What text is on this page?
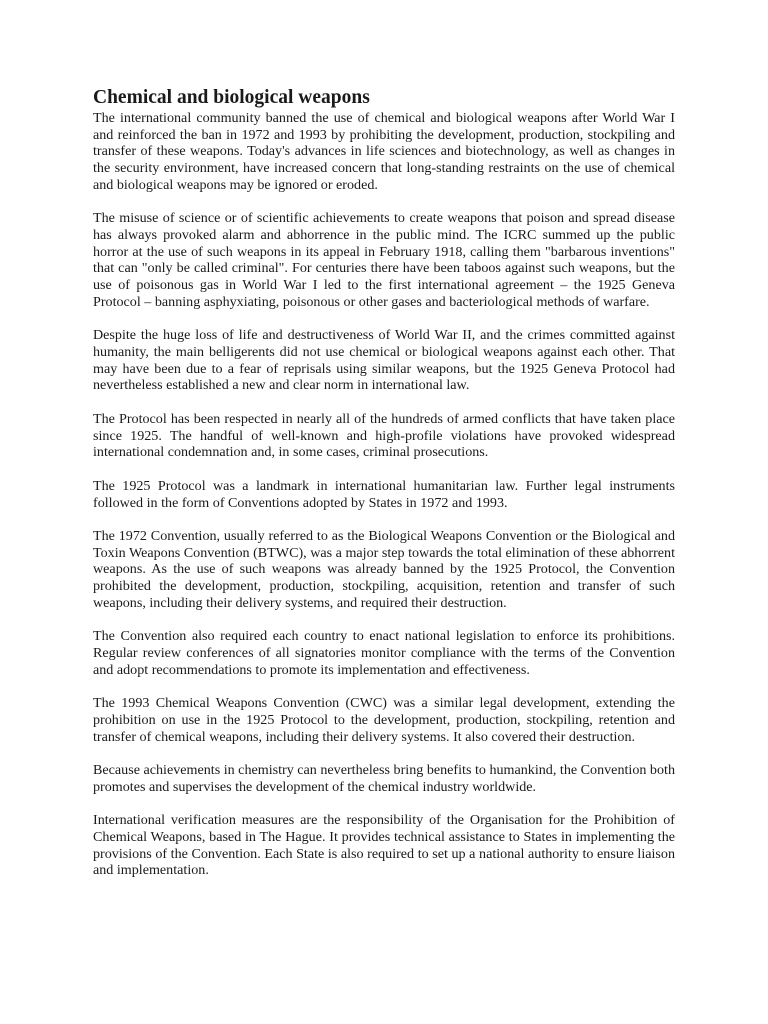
Chemical and biological weapons

The international community banned the use of chemical and biological weapons after World War I and reinforced the ban in 1972 and 1993 by prohibiting the development, production, stockpiling and transfer of these weapons. Today's advances in life sciences and biotechnology, as well as changes in the security environment, have increased concern that long-standing restraints on the use of chemical and biological weapons may be ignored or eroded.

The misuse of science or of scientific achievements to create weapons that poison and spread disease has always provoked alarm and abhorrence in the public mind. The ICRC summed up the public horror at the use of such weapons in its appeal in February 1918, calling them "barbarous inventions" that can "only be called criminal". For centuries there have been taboos against such weapons, but the use of poisonous gas in World War I led to the first international agreement – the 1925 Geneva Protocol – banning asphyxiating, poisonous or other gases and bacteriological methods of warfare.

Despite the huge loss of life and destructiveness of World War II, and the crimes committed against humanity, the main belligerents did not use chemical or biological weapons against each other. That may have been due to a fear of reprisals using similar weapons, but the 1925 Geneva Protocol had nevertheless established a new and clear norm in international law.

The Protocol has been respected in nearly all of the hundreds of armed conflicts that have taken place since 1925. The handful of well-known and high-profile violations have provoked widespread international condemnation and, in some cases, criminal prosecutions.

The 1925 Protocol was a landmark in international humanitarian law. Further legal instruments followed in the form of Conventions adopted by States in 1972 and 1993.

The 1972 Convention, usually referred to as the Biological Weapons Convention or the Biological and Toxin Weapons Convention (BTWC), was a major step towards the total elimination of these abhorrent weapons. As the use of such weapons was already banned by the 1925 Protocol, the Convention prohibited the development, production, stockpiling, acquisition, retention and transfer of such weapons, including their delivery systems, and required their destruction.

The Convention also required each country to enact national legislation to enforce its prohibitions. Regular review conferences of all signatories monitor compliance with the terms of the Convention and adopt recommendations to promote its implementation and effectiveness.

The 1993 Chemical Weapons Convention (CWC) was a similar legal development, extending the prohibition on use in the 1925 Protocol to the development, production, stockpiling, retention and transfer of chemical weapons, including their delivery systems. It also covered their destruction.

Because achievements in chemistry can nevertheless bring benefits to humankind, the Convention both promotes and supervises the development of the chemical industry worldwide.

International verification measures are the responsibility of the Organisation for the Prohibition of Chemical Weapons, based in The Hague. It provides technical assistance to States in implementing the provisions of the Convention. Each State is also required to set up a national authority to ensure liaison and implementation.
